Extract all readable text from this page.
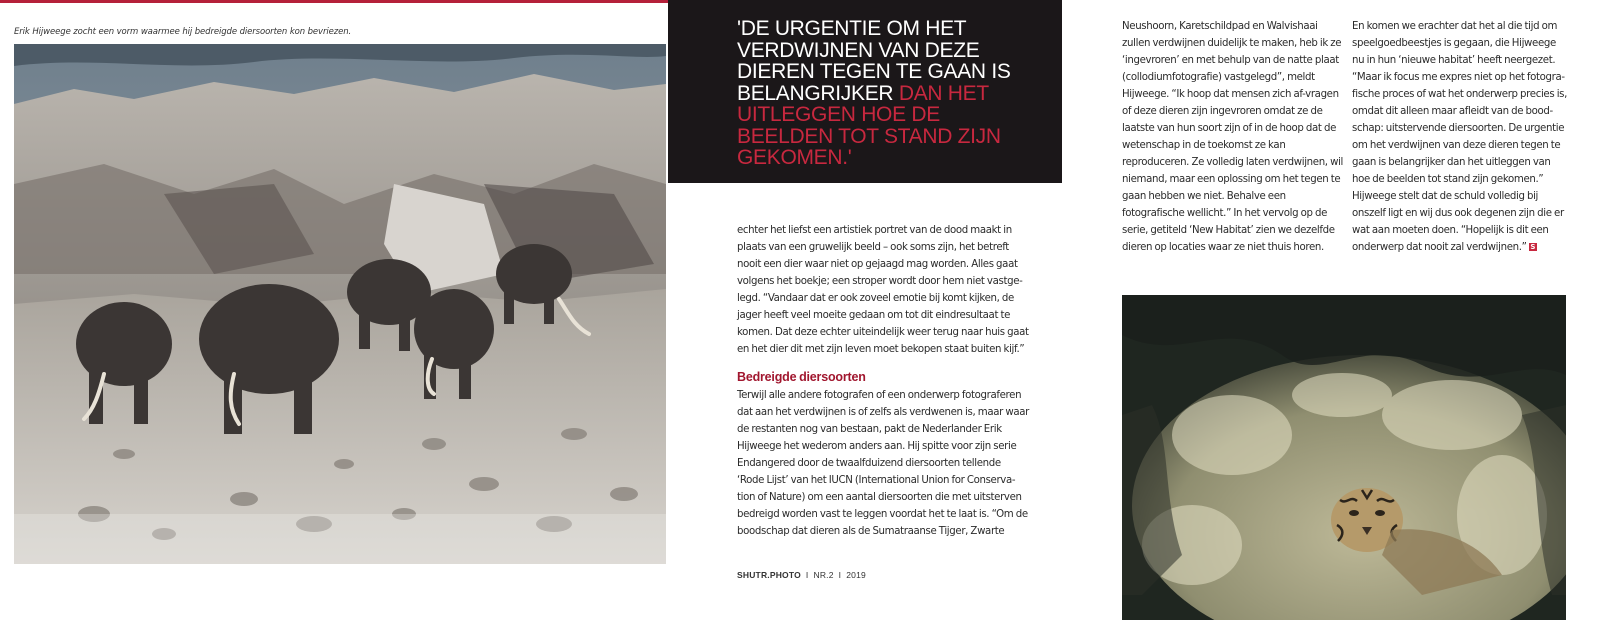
Erik Hijweege zocht een vorm waarmee hij bedreigde diersoorten kon bevriezen.	'DE URGENTIE OM HET VERDWIJNEN VAN DEZE DIEREN TEGEN TE GAAN IS BELANGRIJKER DAN HET UITLEGGEN HOE DE BEELDEN TOT STAND ZIJN GEKOMEN.'

echter het liefst een artistiek portret van de dood maakt in plaats van een gruwelijk beeld – ook soms zijn, het betreft nooit een dier waar niet op gejaagd mag worden. Alles gaat volgens het boekje; een stroper wordt door hem niet vastge-legd. “Vandaar dat er ook zoveel emotie bij komt kijken, de jager heeft veel moeite gedaan om tot dit eindresultaat te komen. Dat deze echter uiteindelijk weer terug naar huis gaat en het dier dit met zijn leven moet bekopen staat buiten kijf.”

Bedreigde diersoorten

Terwijl alle andere fotografen of een onderwerp fotograferen dat aan het verdwijnen is of zelfs als verdwenen is, maar waar de restanten nog van bestaan, pakt de Nederlander Erik Hijweege het wederom anders aan. Hij spitte voor zijn serie Endangered door de twaalfduizend diersoorten tellende ‘Rode Lijst’ van het IUCN (International Union for Conserva-tion of Nature) om een aantal diersoorten die met uitsterven bedreigd worden vast te leggen voordat het te laat is. “Om de boodschap dat dieren als de Sumatraanse Tijger, Zwarte

Neushoorn, Karetschildpad en Walvishaai zullen verdwijnen duidelijk te maken, heb ik ze ‘ingevroren’ en met behulp van de natte plaat (collodiumfotografie) vastgelegd”, meldt Hijweege. “Ik hoop dat mensen zich af-vragen of deze dieren zijn ingevroren omdat ze de laatste van hun soort zijn of in de hoop dat de wetenschap in de toekomst ze kan reproduceren. Ze volledig laten verdwijnen, wil niemand, maar een oplossing om het tegen te gaan hebben we niet. Behalve een fotografische wellicht.” In het vervolg op de serie, getiteld ‘New Habitat’ zien we dezelfde dieren op locaties waar ze niet thuis horen.

En komen we erachter dat het al die tijd om speelgoedbeestjes is gegaan, die Hijweege nu in hun ‘nieuwe habitat’ heeft neergezet. “Maar ik focus me expres niet op het fotogra-fische proces of wat het onderwerp precies is, omdat dit alleen maar afleidt van de bood-schap: uitstervende diersoorten. De urgentie om het verdwijnen van deze dieren tegen te gaan is belangrijker dan het uitleggen van hoe de beelden tot stand zijn gekomen.” Hijweege stelt dat de schuld volledig bij onszelf ligt en wij dus ook degenen zijn die er wat aan moeten doen. “Hopelijk is dit een onderwerp dat nooit zal verdwijnen.” S

SHUTR.PHOTO I NR.2 I 2019
